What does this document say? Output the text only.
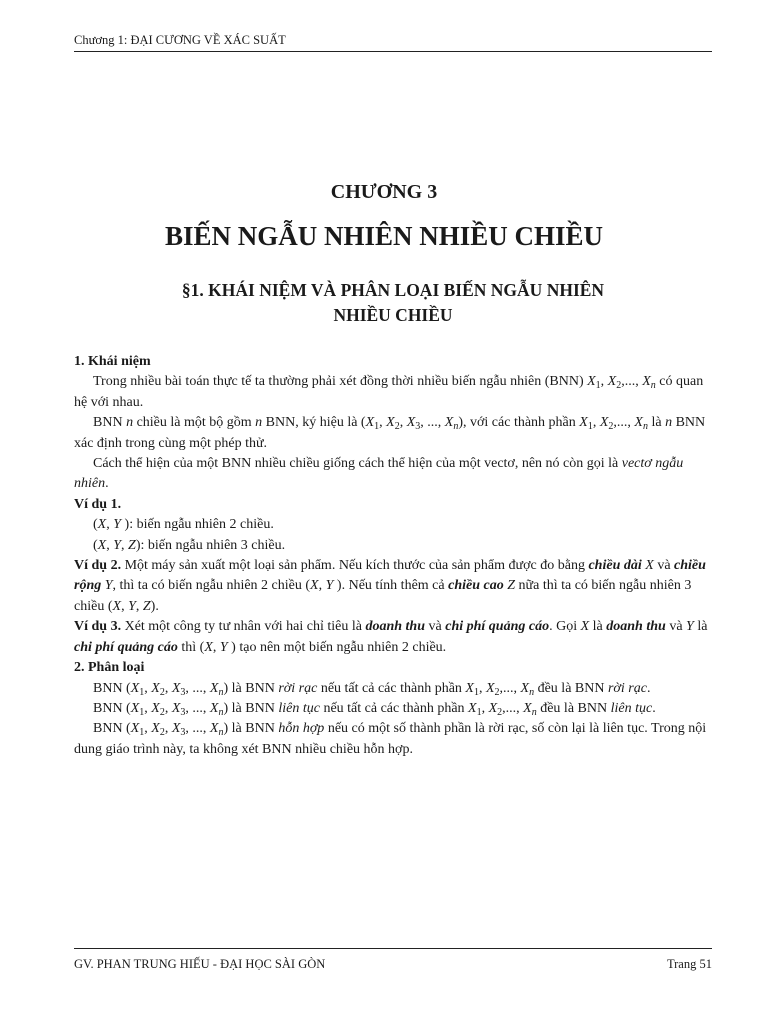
Chương 1: ĐẠI CƯƠNG VỀ XÁC SUẤT
CHƯƠNG 3
BIẾN NGẪU NHIÊN NHIỀU CHIỀU
§1. KHÁI NIỆM VÀ PHÂN LOẠI BIẾN NGẪU NHIÊN
NHIỀU CHIỀU

1. Khái niệm

Trong nhiều bài toán thực tế ta thường phải xét đồng thời nhiều biến ngẫu nhiên (BNN) $X_1$, $X_2$,..., $X_n$ có quan hệ với nhau.

BNN n chiều là một bộ gồm n BNN, ký hiệu là ($X_1$, $X_2$, $X_3$, ..., $X_n$), với các thành phần $X_1$, $X_2$,..., $X_n$ là n BNN xác định trong cùng một phép thử.

Cách thể hiện của một BNN nhiều chiều giống cách thể hiện của một vectơ, nên nó còn gọi là vectơ ngẫu nhiên.

Ví dụ 1.

(X, Y ): biến ngẫu nhiên 2 chiều.

(X, Y, Z): biến ngẫu nhiên 3 chiều.

Ví dụ 2. Một máy sản xuất một loại sản phẩm. Nếu kích thước của sản phẩm được đo bằng chiều dài X và chiều rộng Y, thì ta có biến ngẫu nhiên 2 chiều (X, Y ). Nếu tính thêm cả chiều cao Z nữa thì ta có biến ngẫu nhiên 3 chiều (X, Y, Z).

Ví dụ 3. Xét một công ty tư nhân với hai chỉ tiêu là doanh thu và chi phí quảng cáo. Gọi X là doanh thu và Y là chi phí quảng cáo thì (X, Y ) tạo nên một biến ngẫu nhiên 2 chiều.

2. Phân loại

BNN ($X_1$, $X_2$, $X_3$, ..., $X_n$) là BNN rời rạc nếu tất cả các thành phần $X_1$, $X_2$,..., $X_n$ đều là BNN rời rạc.

BNN ($X_1$, $X_2$, $X_3$, ..., $X_n$) là BNN liên tục nếu tất cả các thành phần $X_1$, $X_2$,..., $X_n$ đều là BNN liên tục.

BNN ($X_1$, $X_2$, $X_3$, ..., $X_n$) là BNN hỗn hợp nếu có một số thành phần là rời rạc, số còn lại là liên tục. Trong nội dung giáo trình này, ta không xét BNN nhiều chiều hỗn hợp.

GV. PHAN TRUNG HIẾU - ĐẠI HỌC SÀI GÒN	Trang 51
